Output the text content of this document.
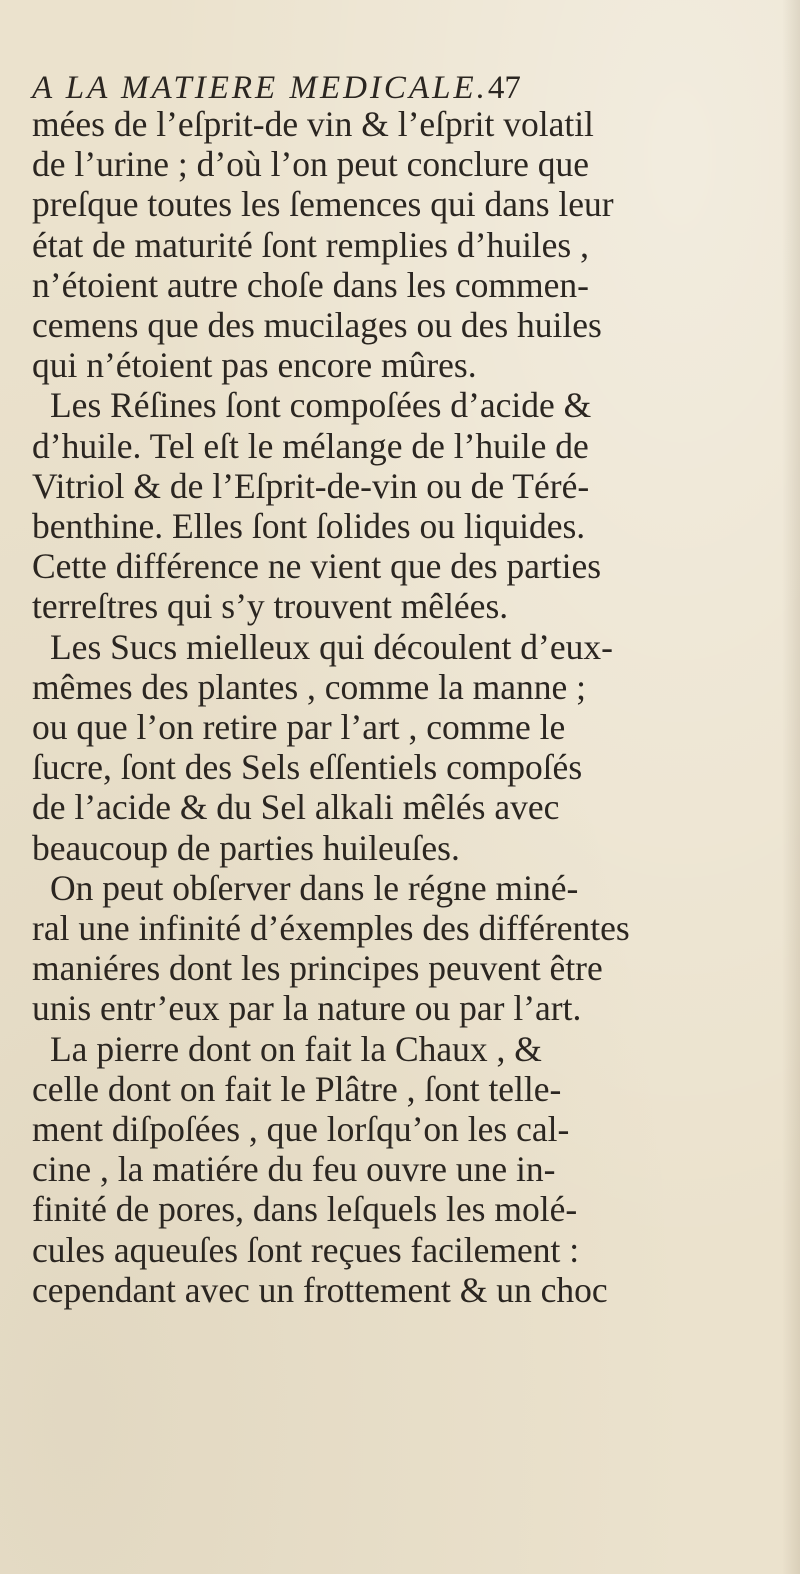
A LA MATIERE MEDICALE.47
mées de l’eſprit-de vin & l’eſprit volatil
de l’urine ; d’où l’on peut conclure que
preſque toutes les ſemences qui dans leur
état de maturité ſont remplies d’huiles ,
n’étoient autre choſe dans les commen-
cemens que des mucilages ou des huiles
qui n’étoient pas encore mûres.
Les Réſines ſont compoſées d’acide &
d’huile. Tel eſt le mélange de l’huile de
Vitriol & de l’Eſprit-de-vin ou de Téré-
benthine. Elles ſont ſolides ou liquides.
Cette différence ne vient que des parties
terreſtres qui s’y trouvent mêlées.
Les Sucs mielleux qui découlent d’eux-
mêmes des plantes , comme la manne ;
ou que l’on retire par l’art , comme le
ſucre, ſont des Sels eſſentiels compoſés
de l’acide & du Sel alkali mêlés avec
beaucoup de parties huileuſes.
On peut obſerver dans le régne miné-
ral une infinité d’éxemples des différentes
maniéres dont les principes peuvent être
unis entr’eux par la nature ou par l’art.
La pierre dont on fait la Chaux , &
celle dont on fait le Plâtre , ſont telle-
ment diſpoſées , que lorſqu’on les cal-
cine , la matiére du feu ouvre une in-
finité de pores, dans leſquels les molé-
cules aqueuſes ſont reçues facilement :
cependant avec un frottement & un choc
